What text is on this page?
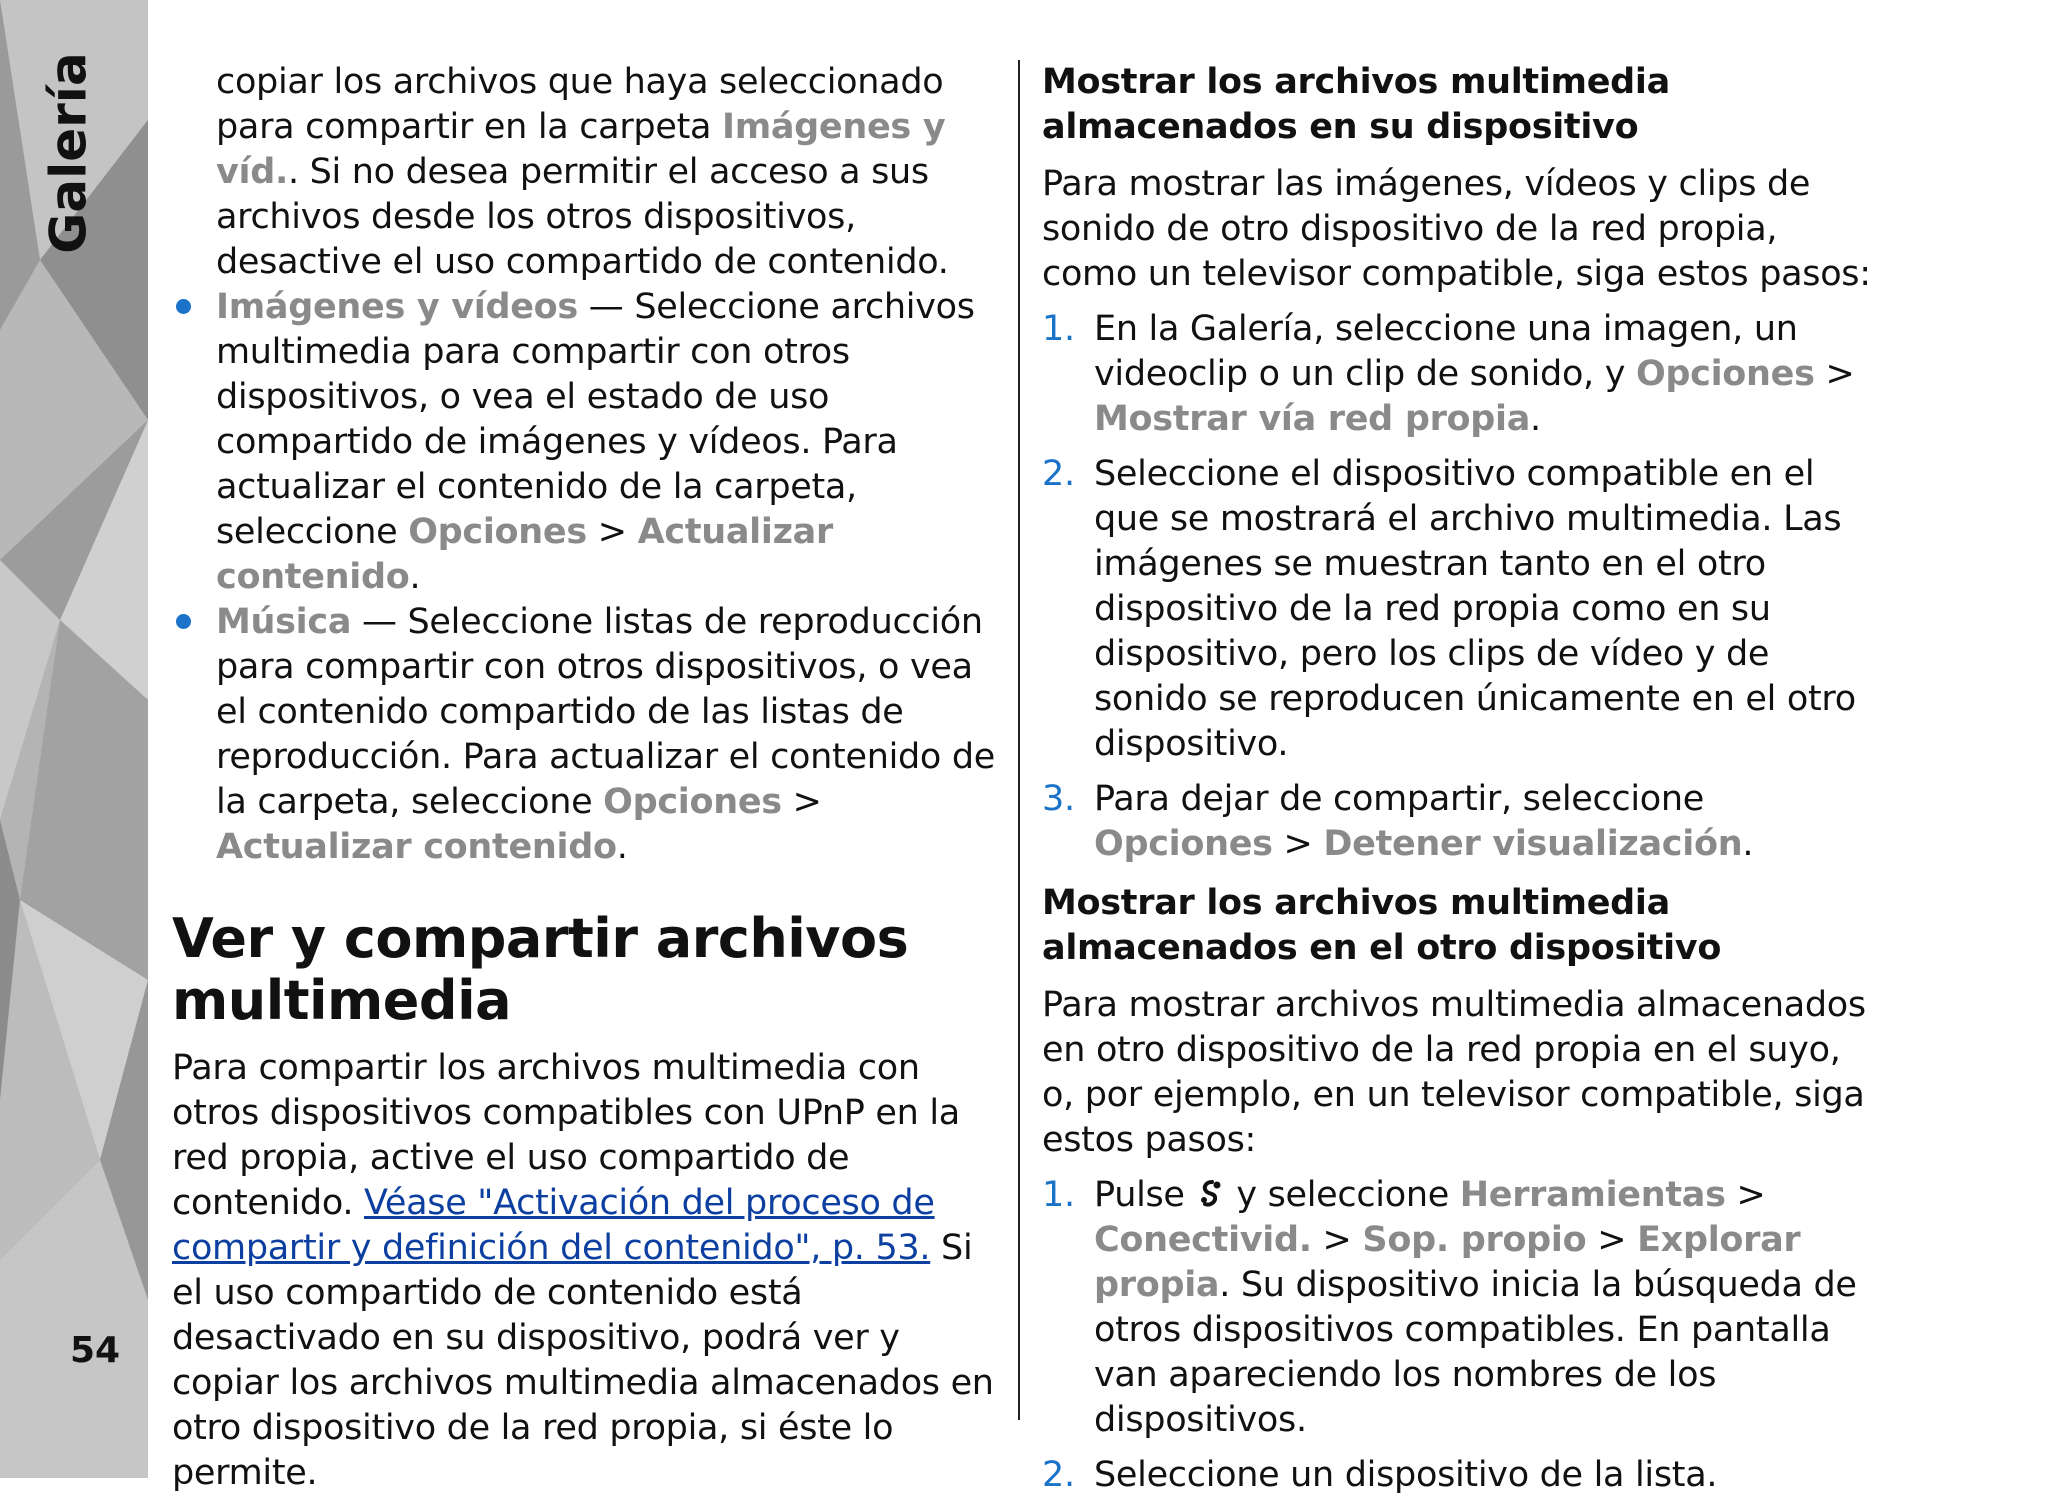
Galería
54

copiar los archivos que haya seleccionado para compartir en la carpeta Imágenes y víd.. Si no desea permitir el acceso a sus archivos desde los otros dispositivos, desactive el uso compartido de contenido.

Imágenes y vídeos — Seleccione archivos multimedia para compartir con otros dispositivos, o vea el estado de uso compartido de imágenes y vídeos. Para actualizar el contenido de la carpeta, seleccione Opciones > Actualizar contenido.
Música — Seleccione listas de reproducción para compartir con otros dispositivos, o vea el contenido compartido de las listas de reproducción. Para actualizar el contenido de la carpeta, seleccione Opciones > Actualizar contenido.
Ver y compartir archivos multimedia

Para compartir los archivos multimedia con otros dispositivos compatibles con UPnP en la red propia, active el uso compartido de contenido. Véase "Activación del proceso de compartir y definición del contenido", p. 53. Si el uso compartido de contenido está desactivado en su dispositivo, podrá ver y copiar los archivos multimedia almacenados en otro dispositivo de la red propia, si éste lo permite.

Mostrar los archivos multimedia almacenados en su dispositivo

Para mostrar las imágenes, vídeos y clips de sonido de otro dispositivo de la red propia, como un televisor compatible, siga estos pasos:

1. En la Galería, seleccione una imagen, un videoclip o un clip de sonido, y Opciones > Mostrar vía red propia.
2. Seleccione el dispositivo compatible en el que se mostrará el archivo multimedia. Las imágenes se muestran tanto en el otro dispositivo de la red propia como en su dispositivo, pero los clips de vídeo y de sonido se reproducen únicamente en el otro dispositivo.
3. Para dejar de compartir, seleccione Opciones > Detener visualización.
Mostrar los archivos multimedia almacenados en el otro dispositivo

Para mostrar archivos multimedia almacenados en otro dispositivo de la red propia en el suyo, o, por ejemplo, en un televisor compatible, siga estos pasos:

1. Pulse  y seleccione Herramientas > Conectivid. > Sop. propio > Explorar propia. Su dispositivo inicia la búsqueda de otros dispositivos compatibles. En pantalla van apareciendo los nombres de los dispositivos.
2. Seleccione un dispositivo de la lista.
